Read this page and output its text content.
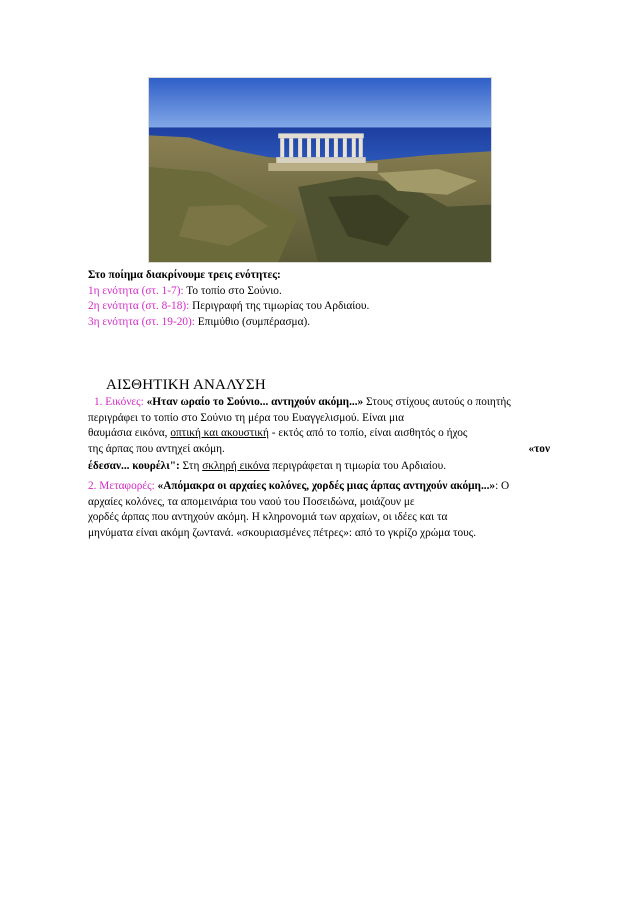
Στο ποίημα διακρίνουμε τρεις ενότητες:
1η ενότητα (στ. 1-7): Το τοπίο στο Σούνιο.
2η ενότητα (στ. 8-18): Περιγραφή της τιμωρίας του Αρδιαίου.
3η ενότητα (στ. 19-20): Επιμύθιο (συμπέρασμα).
ΑΙΣΘΗΤΙΚΗ ΑΝΑΛΥΣΗ
1. Εικόνες: «Ηταν ωραίο το Σούνιο... αντηχούν ακόμη...» Στους στίχους αυτούς ο ποιητής
περιγράφει το τοπίο στο Σούνιο τη μέρα του Ευαγγελισμού. Είναι μια
θαυμάσια εικόνα, οπτική και ακουστική - εκτός από το τοπίο, είναι αισθητός ο ήχος
της άρπας που αντηχεί ακόμη.	«τον
έδεσαν... κουρέλι": Στη σκληρή εικόνα περιγράφεται η τιμωρία του Αρδιαίου.
2. Μεταφορές: «Απόμακρα οι αρχαίες κολόνες, χορδές μιας άρπας αντηχούν ακόμη...»: Ο
αρχαίες κολόνες, τα απομεινάρια του ναού του Ποσειδώνα, μοιάζουν με
χορδές άρπας που αντηχούν ακόμη. Η κληρονομιά των αρχαίων, οι ιδέες και τα
μηνύματα είναι ακόμη ζωντανά. «σκουριασμένες πέτρες»: από το γκρίζο χρώμα τους.
